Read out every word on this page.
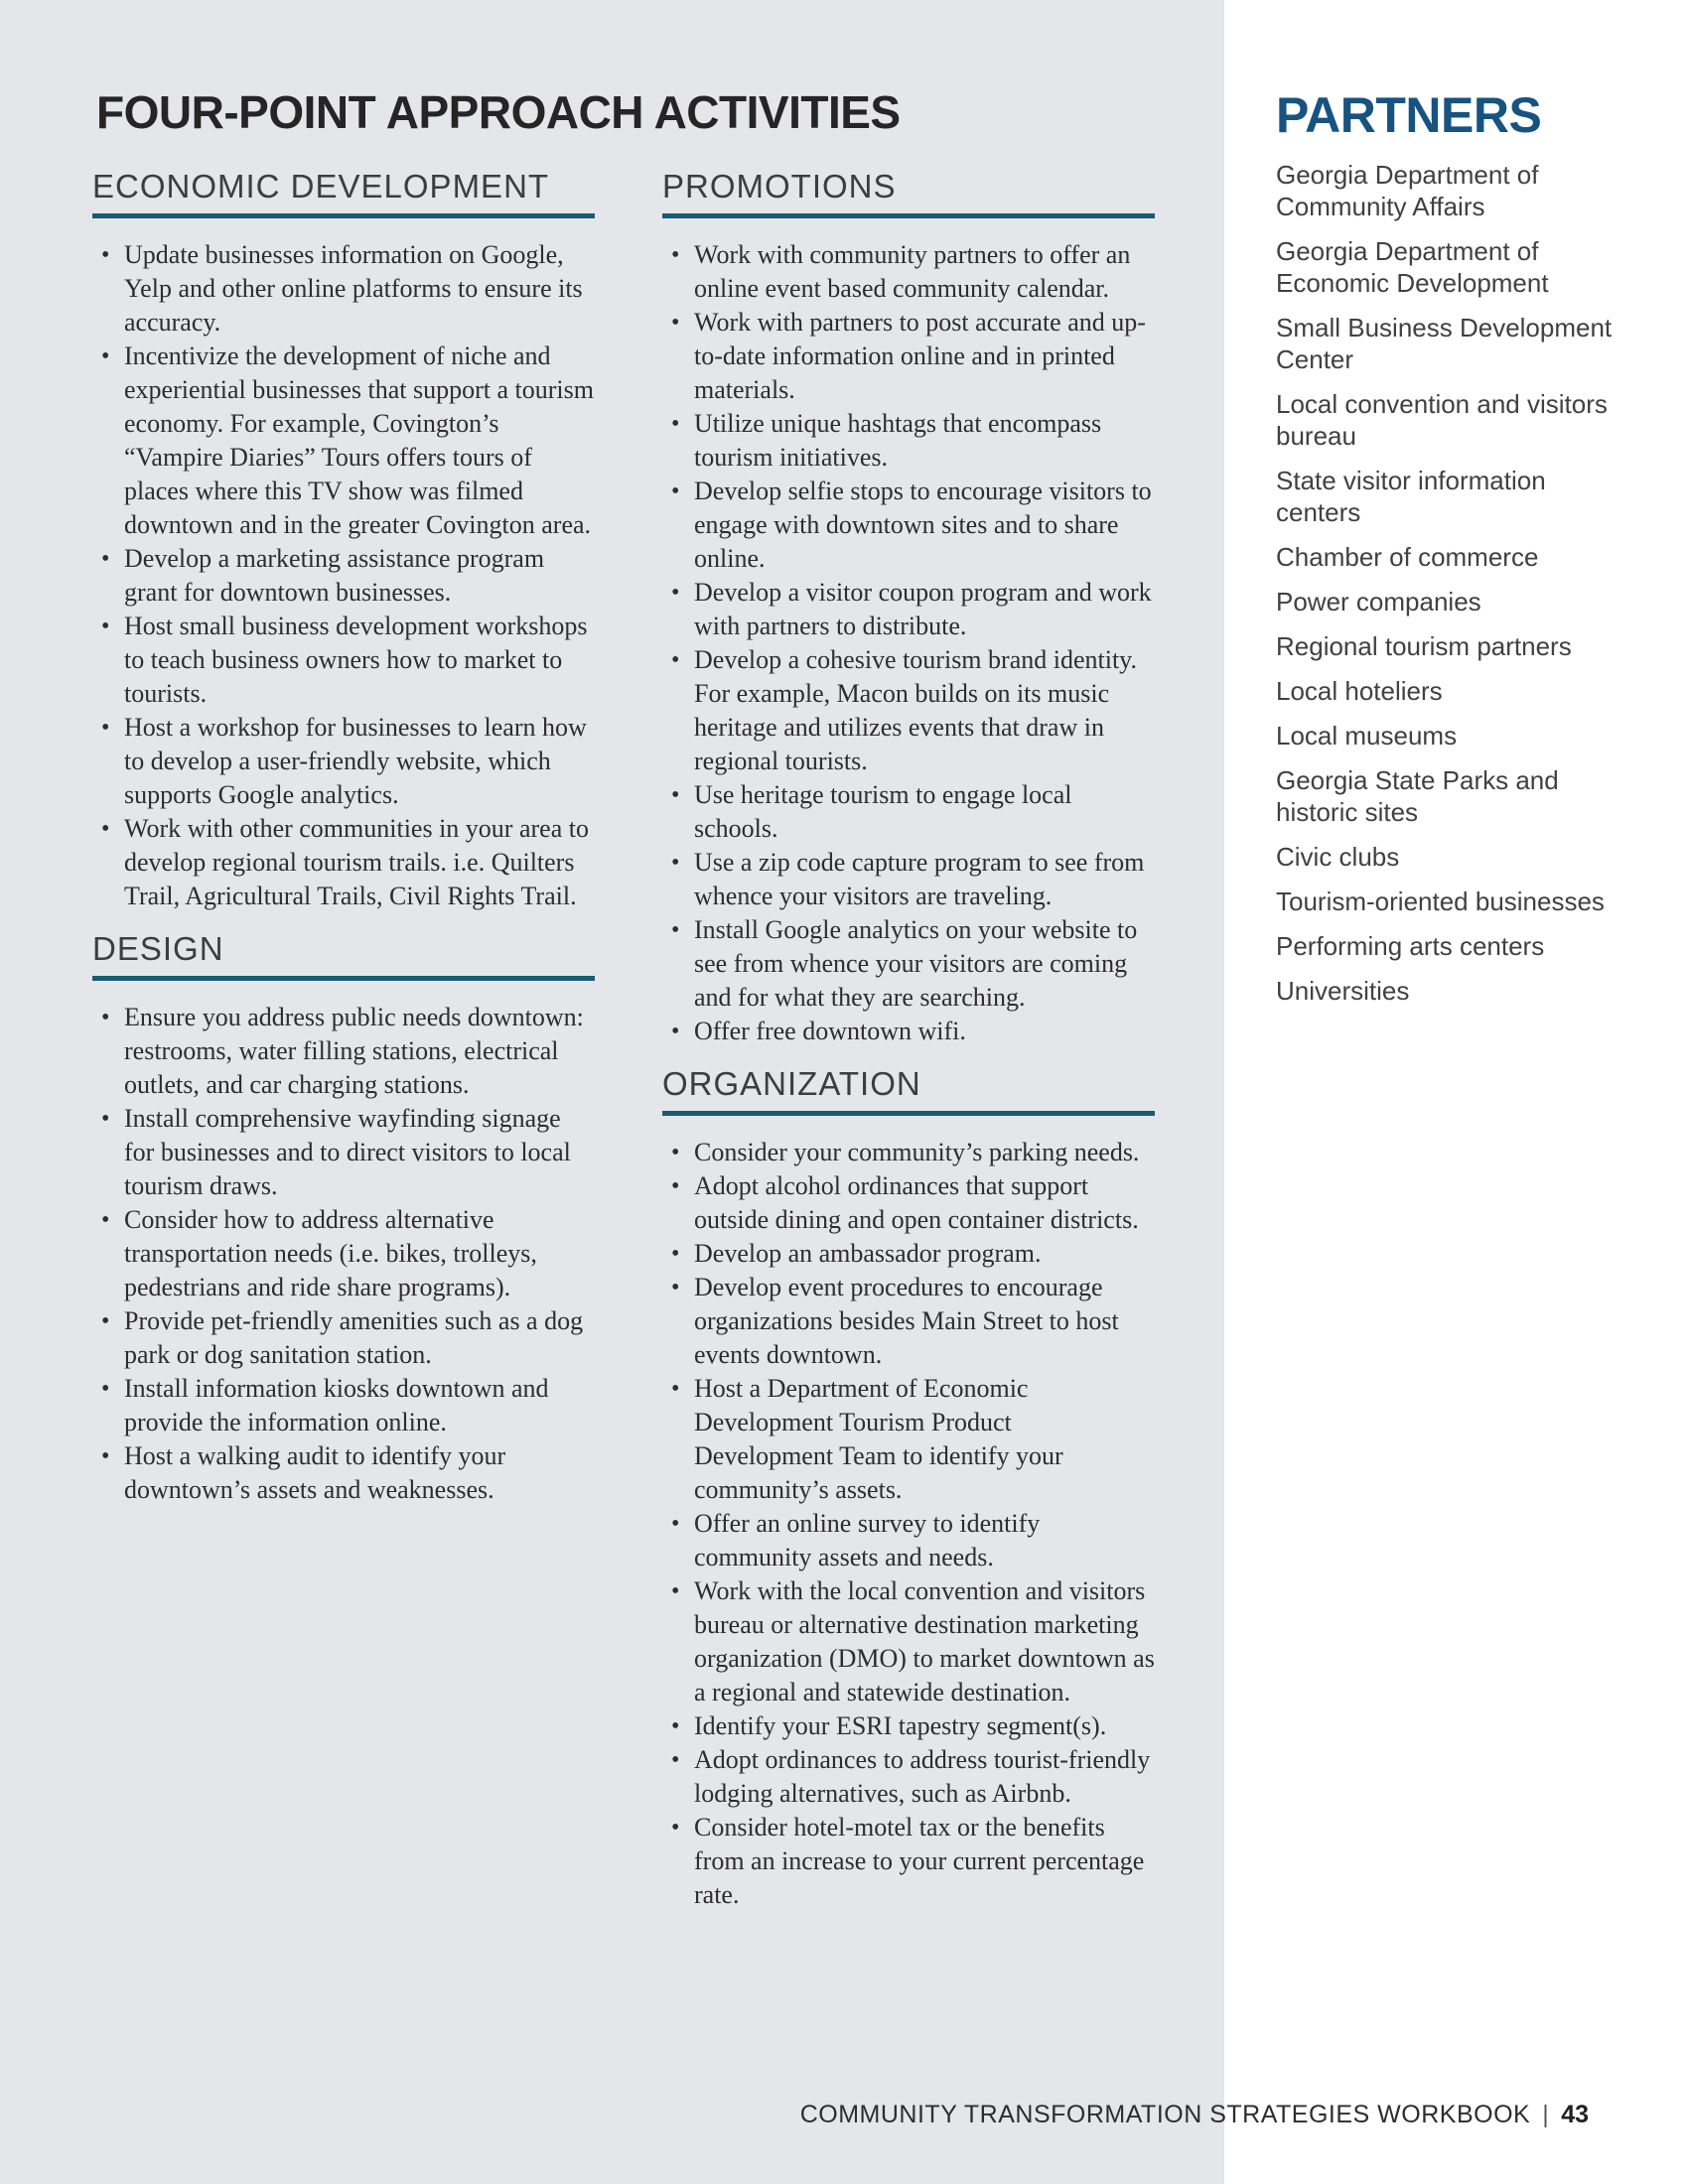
FOUR-POINT APPROACH ACTIVITIES
ECONOMIC DEVELOPMENT
• Update businesses information on Google, Yelp and other online platforms to ensure its accuracy.
• Incentivize the development of niche and experiential businesses that support a tourism economy. For example, Covington’s “Vampire Diaries” Tours offers tours of places where this TV show was filmed downtown and in the greater Covington area.
• Develop a marketing assistance program grant for downtown businesses.
• Host small business development workshops to teach business owners how to market to tourists.
• Host a workshop for businesses to learn how to develop a user-friendly website, which supports Google analytics.
• Work with other communities in your area to develop regional tourism trails. i.e. Quilters Trail, Agricultural Trails, Civil Rights Trail.
DESIGN
• Ensure you address public needs downtown: restrooms, water filling stations, electrical outlets, and car charging stations.
• Install comprehensive wayfinding signage for businesses and to direct visitors to local tourism draws.
• Consider how to address alternative transportation needs (i.e. bikes, trolleys, pedestrians and ride share programs).
• Provide pet-friendly amenities such as a dog park or dog sanitation station.
• Install information kiosks downtown and provide the information online.
• Host a walking audit to identify your downtown’s assets and weaknesses.
PROMOTIONS
• Work with community partners to offer an online event based community calendar.
• Work with partners to post accurate and up-to-date information online and in printed materials.
• Utilize unique hashtags that encompass tourism initiatives.
• Develop selfie stops to encourage visitors to engage with downtown sites and to share online.
• Develop a visitor coupon program and work with partners to distribute.
• Develop a cohesive tourism brand identity. For example, Macon builds on its music heritage and utilizes events that draw in regional tourists.
• Use heritage tourism to engage local schools.
• Use a zip code capture program to see from whence your visitors are traveling.
• Install Google analytics on your website to see from whence your visitors are coming and for what they are searching.
• Offer free downtown wifi.
ORGANIZATION
• Consider your community’s parking needs.
• Adopt alcohol ordinances that support outside dining and open container districts.
• Develop an ambassador program.
• Develop event procedures to encourage organizations besides Main Street to host events downtown.
• Host a Department of Economic Development Tourism Product Development Team to identify your community’s assets.
• Offer an online survey to identify community assets and needs.
• Work with the local convention and visitors bureau or alternative destination marketing organization (DMO) to market downtown as a regional and statewide destination.
• Identify your ESRI tapestry segment(s).
• Adopt ordinances to address tourist-friendly lodging alternatives, such as Airbnb.
• Consider hotel-motel tax or the benefits from an increase to your current percentage rate.
PARTNERS
Georgia Department of Community Affairs
Georgia Department of Economic Development
Small Business Development Center
Local convention and visitors bureau
State visitor information centers
Chamber of commerce
Power companies
Regional tourism partners
Local hoteliers
Local museums
Georgia State Parks and historic sites
Civic clubs
Tourism-oriented businesses
Performing arts centers
Universities
COMMUNITY TRANSFORMATION STRATEGIES WORKBOOK | 43
